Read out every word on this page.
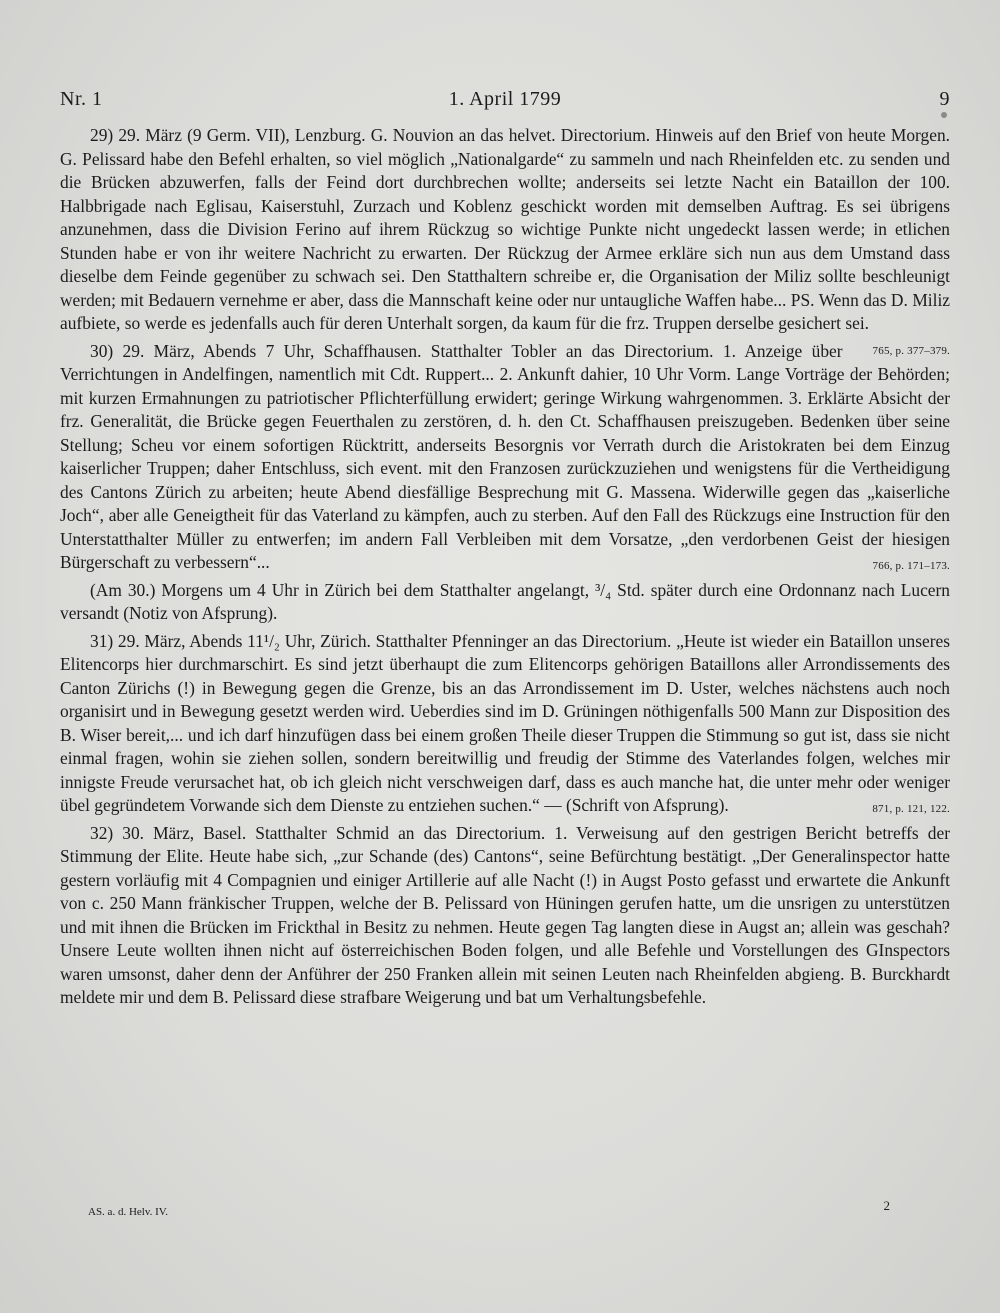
Nr. 1	1. April 1799	9

29) 29. März (9 Germ. VII), Lenzburg. G. Nouvion an das helvet. Directorium. Hinweis auf den Brief von heute Morgen. G. Pelissard habe den Befehl erhalten, so viel möglich „Nationalgarde“ zu sammeln und nach Rheinfelden etc. zu senden und die Brücken abzuwerfen, falls der Feind dort durchbrechen wollte; anderseits sei letzte Nacht ein Bataillon der 100. Halbbrigade nach Eglisau, Kaiserstuhl, Zurzach und Koblenz geschickt worden mit demselben Auftrag. Es sei übrigens anzunehmen, dass die Division Ferino auf ihrem Rückzug so wichtige Punkte nicht ungedeckt lassen werde; in etlichen Stunden habe er von ihr weitere Nachricht zu erwarten. Der Rückzug der Armee erkläre sich nun aus dem Umstand dass dieselbe dem Feinde gegenüber zu schwach sei. Den Statthaltern schreibe er, die Organisation der Miliz sollte beschleunigt werden; mit Bedauern vernehme er aber, dass die Mannschaft keine oder nur untaugliche Waffen habe... PS. Wenn das D. Miliz aufbiete, so werde es jedenfalls auch für deren Unterhalt sorgen, da kaum für die frz. Truppen derselbe gesichert sei.
765, p. 377–379.

30) 29. März, Abends 7 Uhr, Schaffhausen. Statthalter Tobler an das Directorium. 1. Anzeige über Verrichtungen in Andelfingen, namentlich mit Cdt. Ruppert... 2. Ankunft dahier, 10 Uhr Vorm. Lange Vorträge der Behörden; mit kurzen Ermahnungen zu patriotischer Pflichterfüllung erwidert; geringe Wirkung wahrgenommen. 3. Erklärte Absicht der frz. Generalität, die Brücke gegen Feuerthalen zu zerstören, d. h. den Ct. Schaffhausen preiszugeben. Bedenken über seine Stellung; Scheu vor einem sofortigen Rücktritt, anderseits Besorgnis vor Verrath durch die Aristokraten bei dem Einzug kaiserlicher Truppen; daher Entschluss, sich event. mit den Franzosen zurückzuziehen und wenigstens für die Vertheidigung des Cantons Zürich zu arbeiten; heute Abend diesfällige Besprechung mit G. Massena. Widerwille gegen das „kaiserliche Joch“, aber alle Geneigtheit für das Vaterland zu kämpfen, auch zu sterben. Auf den Fall des Rückzugs eine Instruction für den Unterstatthalter Müller zu entwerfen; im andern Fall Verbleiben mit dem Vorsatze, „den verdorbenen Geist der hiesigen Bürgerschaft zu verbessern“...	766, p. 171–173.

(Am 30.) Morgens um 4 Uhr in Zürich bei dem Statthalter angelangt, ³/₄ Std. später durch eine Ordonnanz nach Lucern versandt (Notiz von Afsprung).

31) 29. März, Abends 11¹/₂ Uhr, Zürich. Statthalter Pfenninger an das Directorium. „Heute ist wieder ein Bataillon unseres Elitencorps hier durchmarschirt. Es sind jetzt überhaupt die zum Elitencorps gehörigen Bataillons aller Arrondissements des Canton Zürichs (!) in Bewegung gegen die Grenze, bis an das Arrondissement im D. Uster, welches nächstens auch noch organisirt und in Bewegung gesetzt werden wird. Ueberdies sind im D. Grüningen nöthigenfalls 500 Mann zur Disposition des B. Wiser bereit,... und ich darf hinzufügen dass bei einem großen Theile dieser Truppen die Stimmung so gut ist, dass sie nicht einmal fragen, wohin sie ziehen sollen, sondern bereitwillig und freudig der Stimme des Vaterlandes folgen, welches mir innigste Freude verursachet hat, ob ich gleich nicht verschweigen darf, dass es auch manche hat, die unter mehr oder weniger übel gegründetem Vorwande sich dem Dienste zu entziehen suchen.“ — (Schrift von Afsprung).	871, p. 121, 122.

32) 30. März, Basel. Statthalter Schmid an das Directorium. 1. Verweisung auf den gestrigen Bericht betreffs der Stimmung der Elite. Heute habe sich, „zur Schande (des) Cantons“, seine Befürchtung bestätigt. „Der Generalinspector hatte gestern vorläufig mit 4 Compagnien und einiger Artillerie auf alle Nacht (!) in Augst Posto gefasst und erwartete die Ankunft von c. 250 Mann fränkischer Truppen, welche der B. Pelissard von Hüningen gerufen hatte, um die unsrigen zu unterstützen und mit ihnen die Brücken im Frickthal in Besitz zu nehmen. Heute gegen Tag langten diese in Augst an; allein was geschah? Unsere Leute wollten ihnen nicht auf österreichischen Boden folgen, und alle Befehle und Vorstellungen des GInspectors waren umsonst, daher denn der Anführer der 250 Franken allein mit seinen Leuten nach Rheinfelden abgieng. B. Burckhardt meldete mir und dem B. Pelissard diese strafbare Weigerung und bat um Verhaltungsbefehle.

AS. a. d. Helv. IV.	2
